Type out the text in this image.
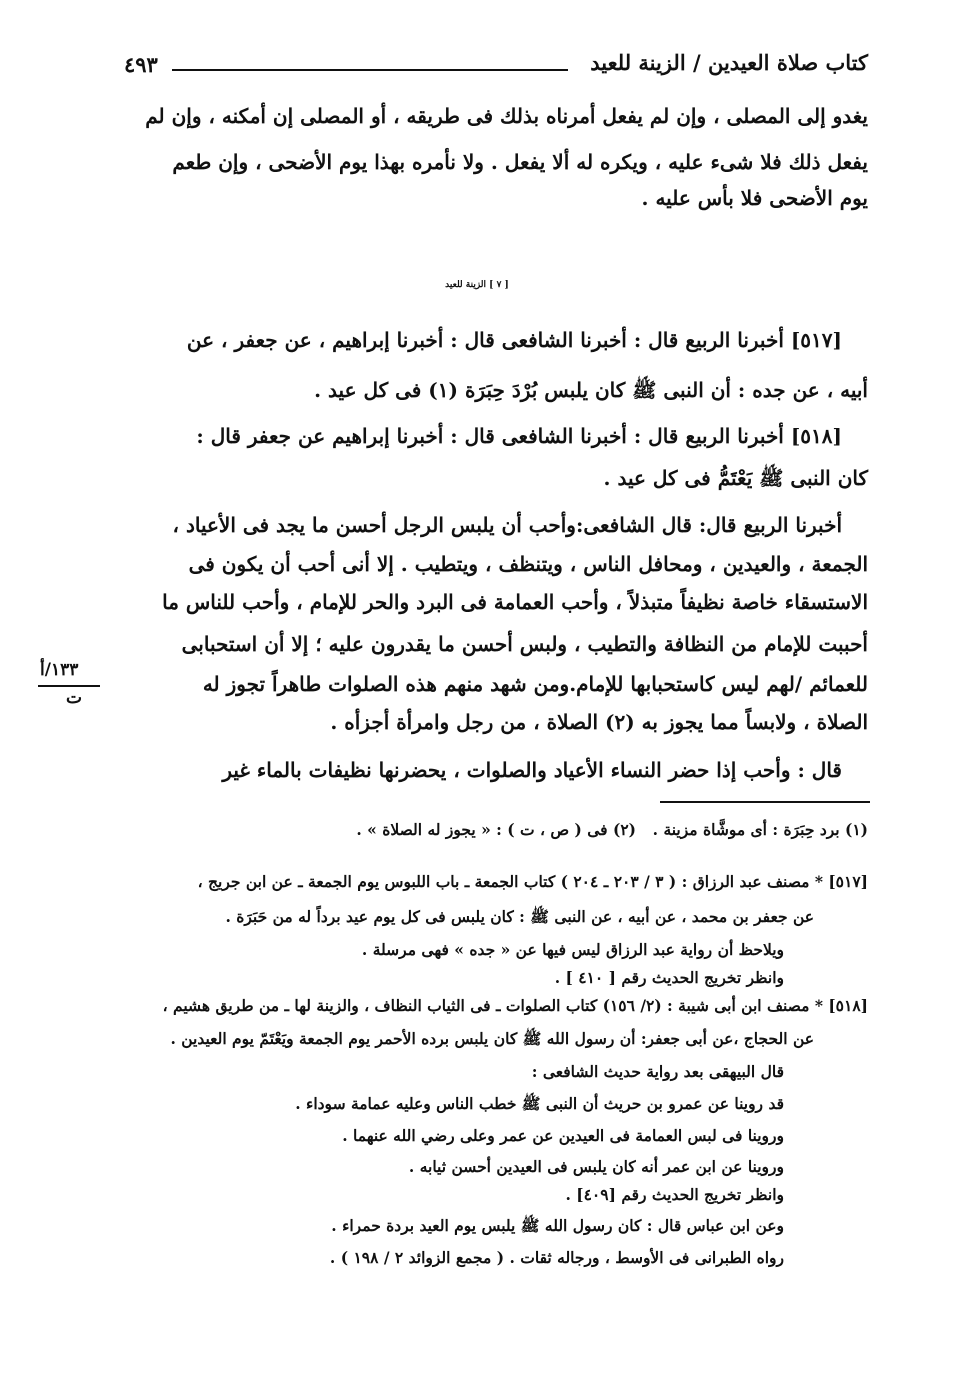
كتاب صلاة العيدين / الزينة للعيد
٤٩٣
يغدو إلى المصلى ، وإن لم يفعل أمرناه بذلك فى طريقه ، أو المصلى إن أمكنه ، وإن لم
يفعل ذلك فلا شىء عليه ، ويكره له ألا يفعل . ولا نأمره بهذا يوم الأضحى ، وإن طعم
يوم الأضحى فلا بأس عليه .
[ ٧ ] الزينة للعيد
[٥١٧] أخبرنا الربيع قال : أخبرنا الشافعى قال : أخبرنا إبراهيم ، عن جعفر ، عن
أبيه ، عن جده : أن النبى ﷺ كان يلبس بُرْدَ حِبَرَة (١) فى كل عيد .
[٥١٨] أخبرنا الربيع قال : أخبرنا الشافعى قال : أخبرنا إبراهيم عن جعفر قال :
كان النبى ﷺ يَعْتَمُّ فى كل عيد .
أخبرنا الربيع قال: قال الشافعى:وأحب أن يلبس الرجل أحسن ما يجد فى الأعياد ،
الجمعة ، والعيدين ، ومحافل الناس ، ويتنظف ، ويتطيب . إلا أنى أحب أن يكون فى
الاستسقاء خاصة نظيفاً متبذلاً ، وأحب العمامة فى البرد والحر للإمام ، وأحب للناس ما
أحببت للإمام من النظافة والتطيب ، ولبس أحسن ما يقدرون عليه ؛ إلا أن استحبابى
للعمائم /لهم ليس كاستحبابها للإمام.ومن شهد منهم هذه الصلوات طاهراً تجوز له
الصلاة ، ولابساً مما يجوز به (٢) الصلاة ، من رجل وامرأة أجزأه .
١٣٣/أ
ت
قال : وأحب إذا حضر النساء الأعياد والصلوات ، يحضرنها نظيفات بالماء غير
(١) برد حِبَرَة : أى موشَّاة مزينة .
(٢) فى ( ص ، ت ) : « يجوز له الصلاة » .
[٥١٧] * مصنف عبد الرزاق : ( ٣ / ٢٠٣ ـ ٢٠٤ ) كتاب الجمعة ـ باب اللبوس يوم الجمعة ـ عن ابن جريج ،
عن جعفر بن محمد ، عن أبيه ، عن النبى ﷺ : كان يلبس فى كل يوم عيد برداً له من حَبَرَة .
ويلاحظ أن رواية عبد الرزاق ليس فيها عن « جده » فهى مرسلة .
وانظر تخريج الحديث رقم [ ٤١٠ ] .
[٥١٨] * مصنف ابن أبى شيبة : (٢/ ١٥٦) كتاب الصلوات ـ فى الثياب النظاف ، والزينة لها ـ من طريق هشيم ،
عن الحجاج ،عن أبى جعفر: أن رسول الله ﷺ كان يلبس برده الأحمر يوم الجمعة ويَعْتَمّ يوم العيدين .
قال البيهقى بعد رواية حديث الشافعى :
قد روينا عن عمرو بن حريث أن النبى ﷺ خطب الناس وعليه عمامة سوداء .
وروينا فى لبس العمامة فى العيدين عن عمر وعلى رضي الله عنهما .
وروينا عن ابن عمر أنه كان يلبس فى العيدين أحسن ثيابه .
وانظر تخريج الحديث رقم [٤٠٩] .
وعن ابن عباس قال : كان رسول الله ﷺ يلبس يوم العيد بردة حمراء .
رواه الطبرانى فى الأوسط ، ورجاله ثقات . ( مجمع الزوائد ٢ / ١٩٨ ) .
